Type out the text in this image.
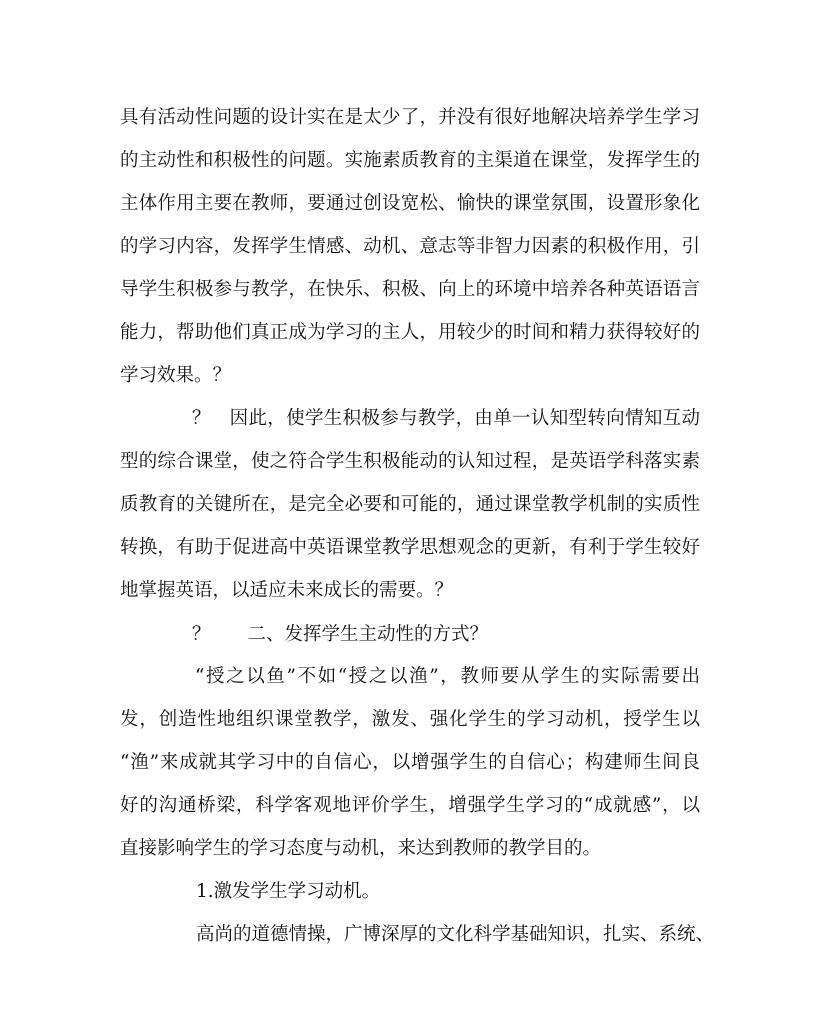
具有活动性问题的设计实在是太少了，并没有很好地解决培养学生学习

的主动性和积极性的问题。实施素质教育的主渠道在课堂，发挥学生的

主体作用主要在教师，要通过创设宽松、愉快的课堂氛围，设置形象化

的学习内容，发挥学生情感、动机、意志等非智力因素的积极作用，引

导学生积极参与教学，在快乐、积极、向上的环境中培养各种英语语言

能力，帮助他们真正成为学习的主人，用较少的时间和精力获得较好的

学习效果。？

？　因此，使学生积极参与教学，由单一认知型转向情知互动

型的综合课堂，使之符合学生积极能动的认知过程，是英语学科落实素

质教育的关键所在，是完全必要和可能的，通过课堂教学机制的实质性

转换，有助于促进高中英语课堂教学思想观念的更新，有利于学生较好

地掌握英语，以适应未来成长的需要。？

？　　二、发挥学生主动性的方式？

“授之以鱼”不如“授之以渔”，教师要从学生的实际需要出

发，创造性地组织课堂教学，激发、强化学生的学习动机，授学生以

“渔”来成就其学习中的自信心，以增强学生的自信心；构建师生间良

好的沟通桥梁，科学客观地评价学生，增强学生学习的“成就感”，以

直接影响学生的学习态度与动机，来达到教师的教学目的。

1.激发学生学习动机。

高尚的道德情操，广博深厚的文化科学基础知识，扎实、系统、
